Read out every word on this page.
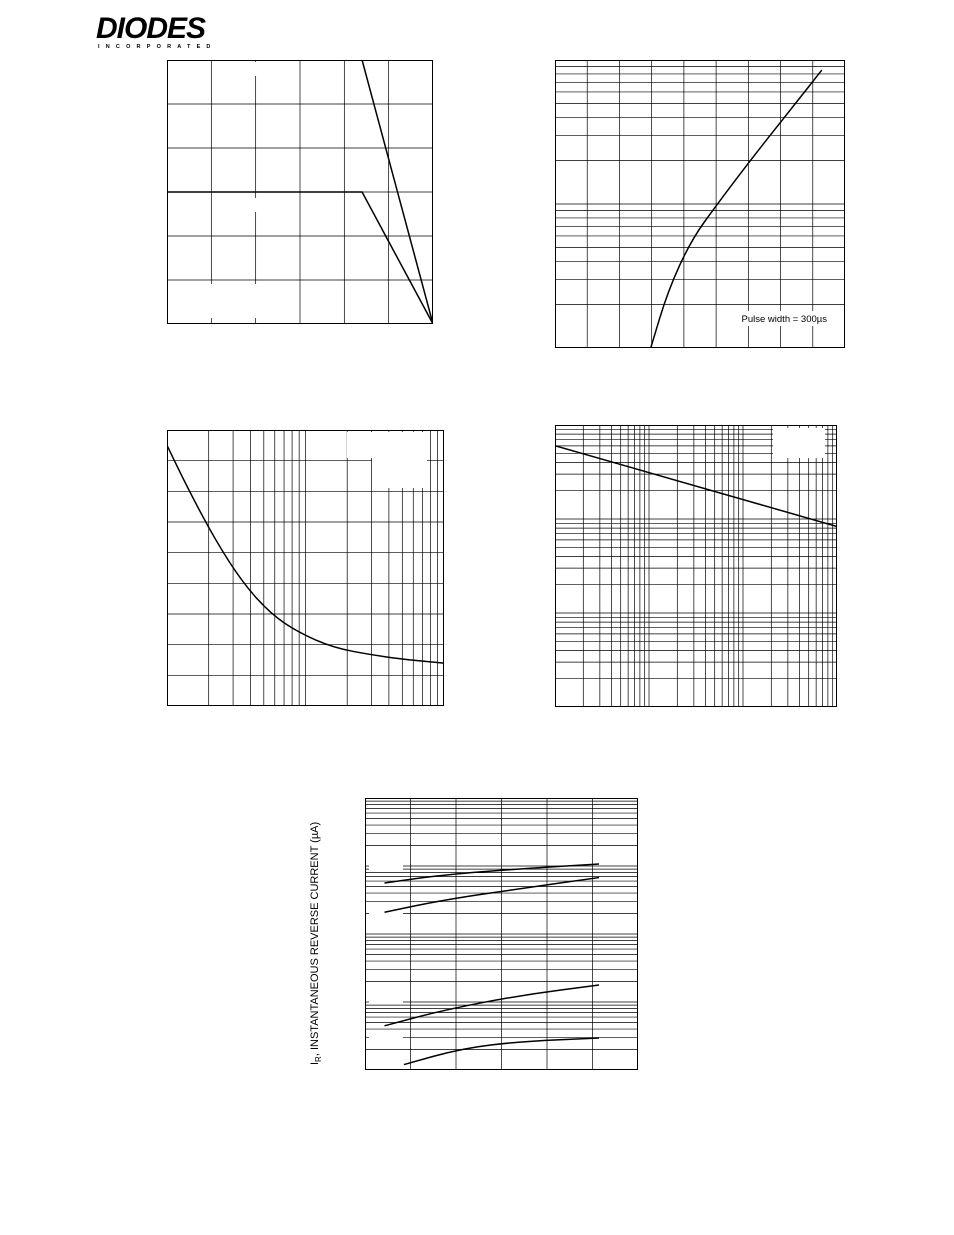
DIODES
INCORPORATED
Pulse width = 300µs
$I_R$, INSTANTANEOUS REVERSE CURRENT (µA)
